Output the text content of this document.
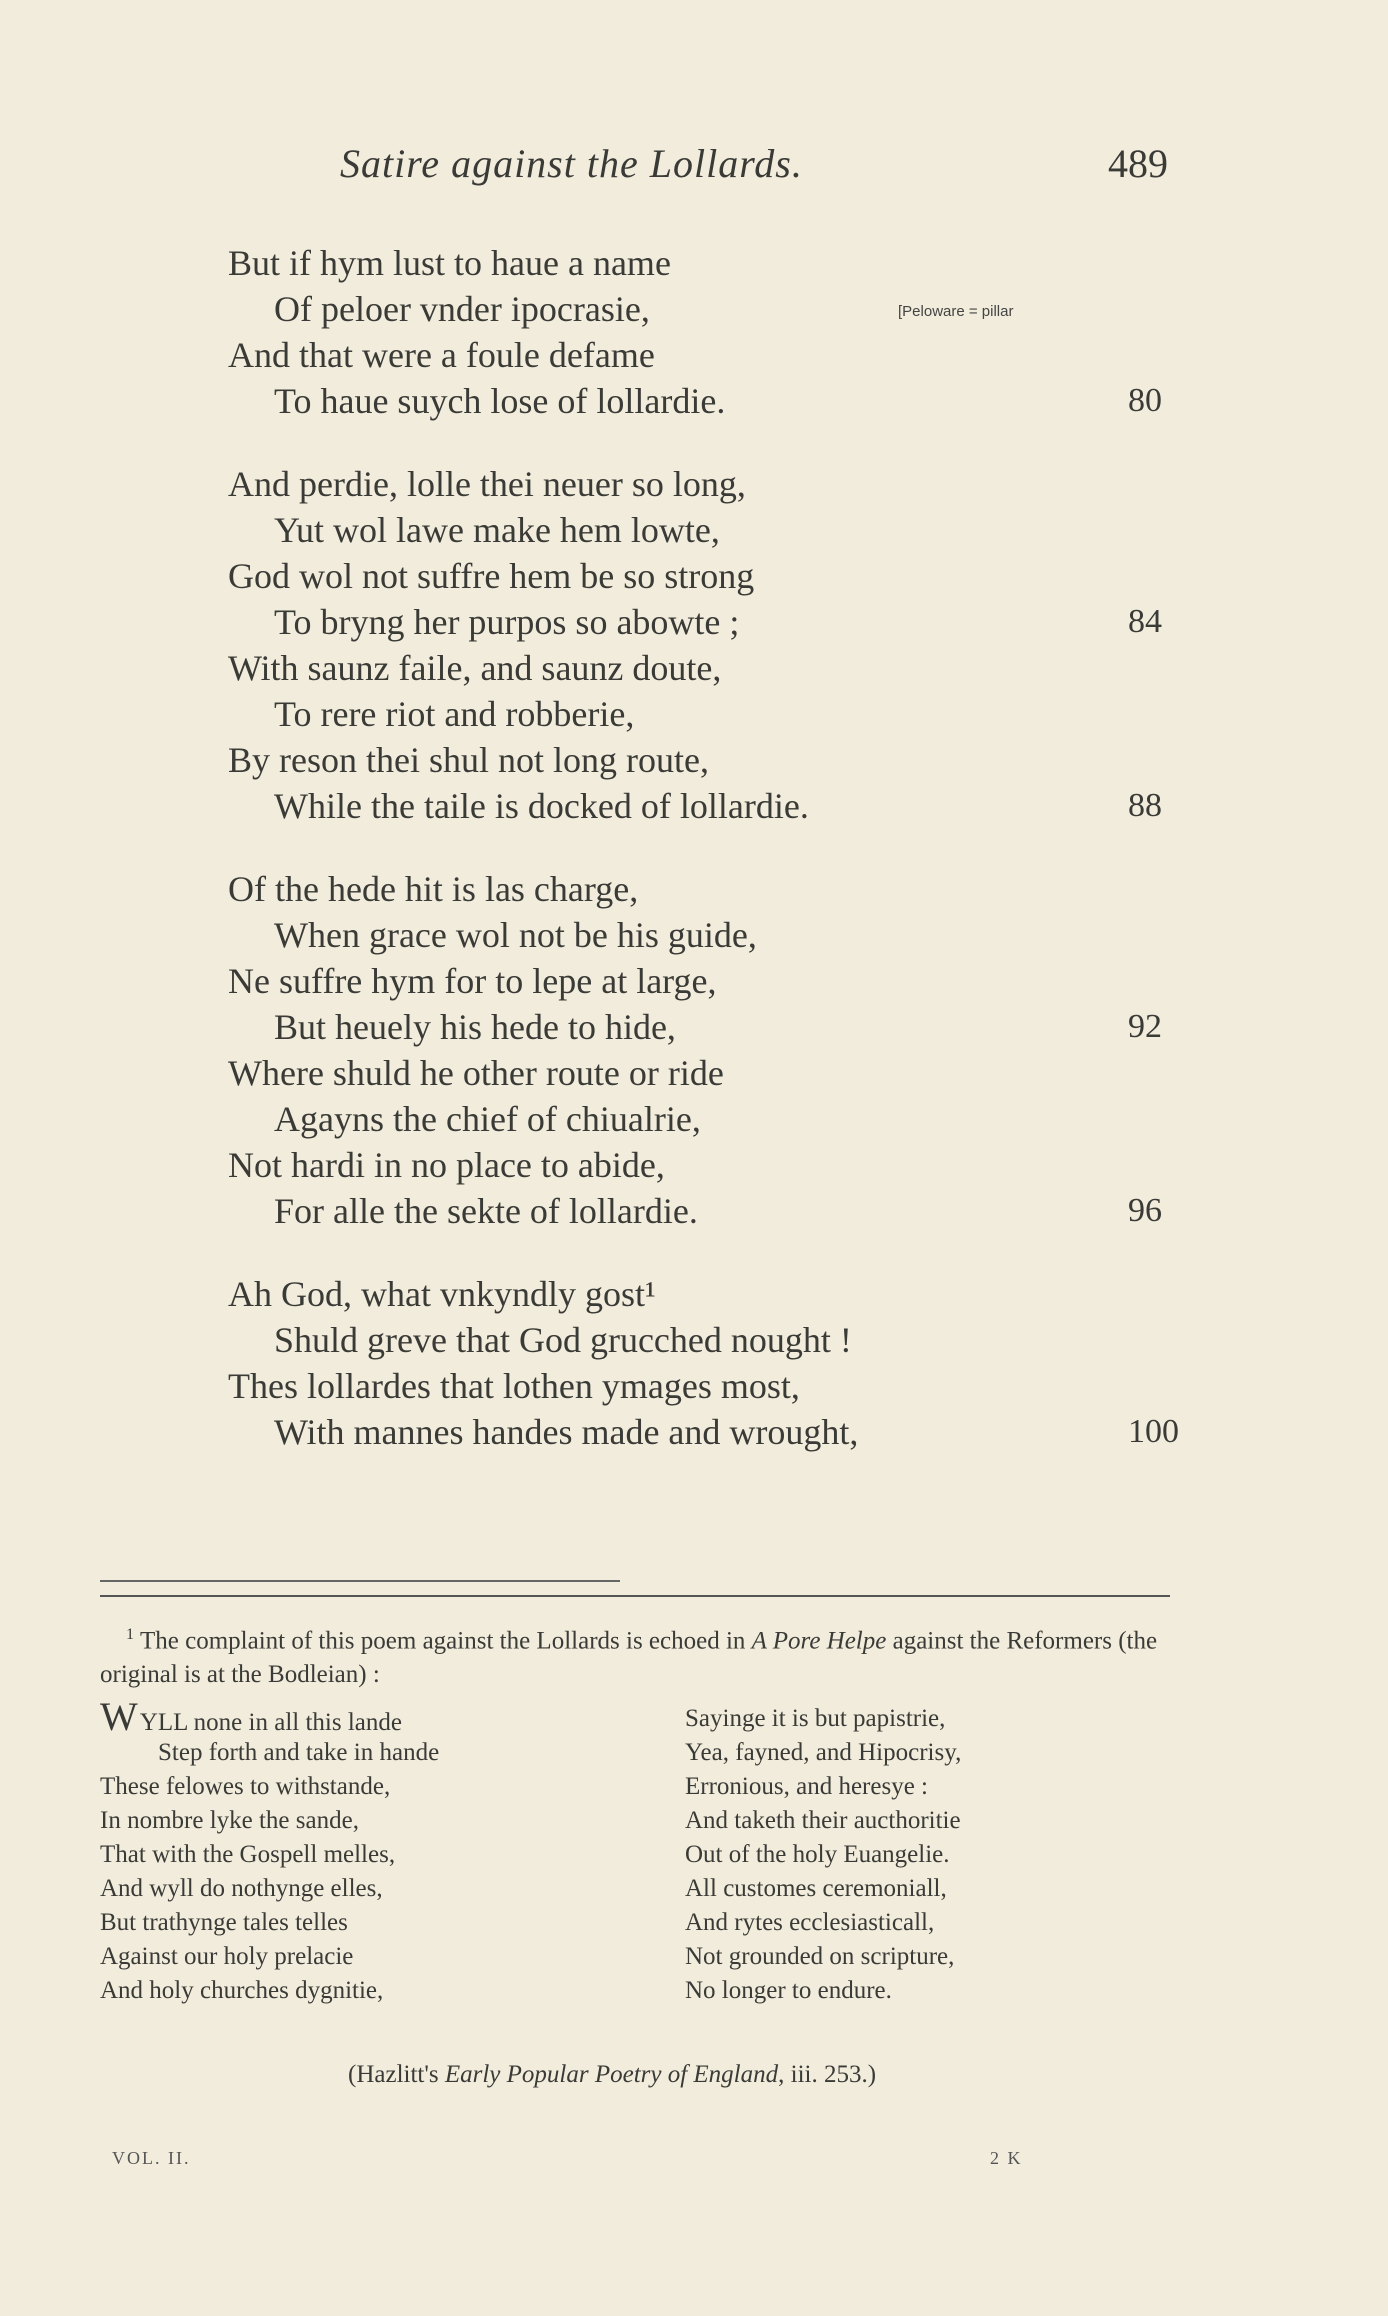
Satire against the Lollards.	489
But if hym lust to haue a name
Of peloer vnder ipocrasie,	[Peloware = pillar
And that were a foule defame
To haue suych lose of lollardie.	80
And perdie, lolle thei neuer so long,
Yut wol lawe make hem lowte,
God wol not suffre hem be so strong
To bryng her purpos so abowte ;	84
With saunz faile, and saunz doute,
To rere riot and robberie,
By reson thei shul not long route,
While the taile is docked of lollardie.	88
Of the hede hit is las charge,
When grace wol not be his guide,
Ne suffre hym for to lepe at large,
But heuely his hede to hide,	92
Where shuld he other route or ride
Agayns the chief of chiualrie,
Not hardi in no place to abide,
For alle the sekte of lollardie.	96
Ah God, what vnkyndly gost¹
Shuld greve that God grucched nought !
Thes lollardes that lothen ymages most,
With mannes handes made and wrought,	100
$^1$ The complaint of this poem against the Lollards is echoed in A Pore Helpe against the Reformers (the original is at the Bodleian) :
WYLL none in all this lande
Step forth and take in hande
These felowes to withstande,
In nombre lyke the sande,
That with the Gospell melles,
And wyll do nothynge elles,
But trathynge tales telles
Against our holy prelacie
And holy churches dygnitie,
Sayinge it is but papistrie,
Yea, fayned, and Hipocrisy,
Erronious, and heresye :
And taketh their aucthoritie
Out of the holy Euangelie.
All customes ceremoniall,
And rytes ecclesiasticall,
Not grounded on scripture,
No longer to endure.
(Hazlitt's Early Popular Poetry of England, iii. 253.)
VOL. II.	2 K
